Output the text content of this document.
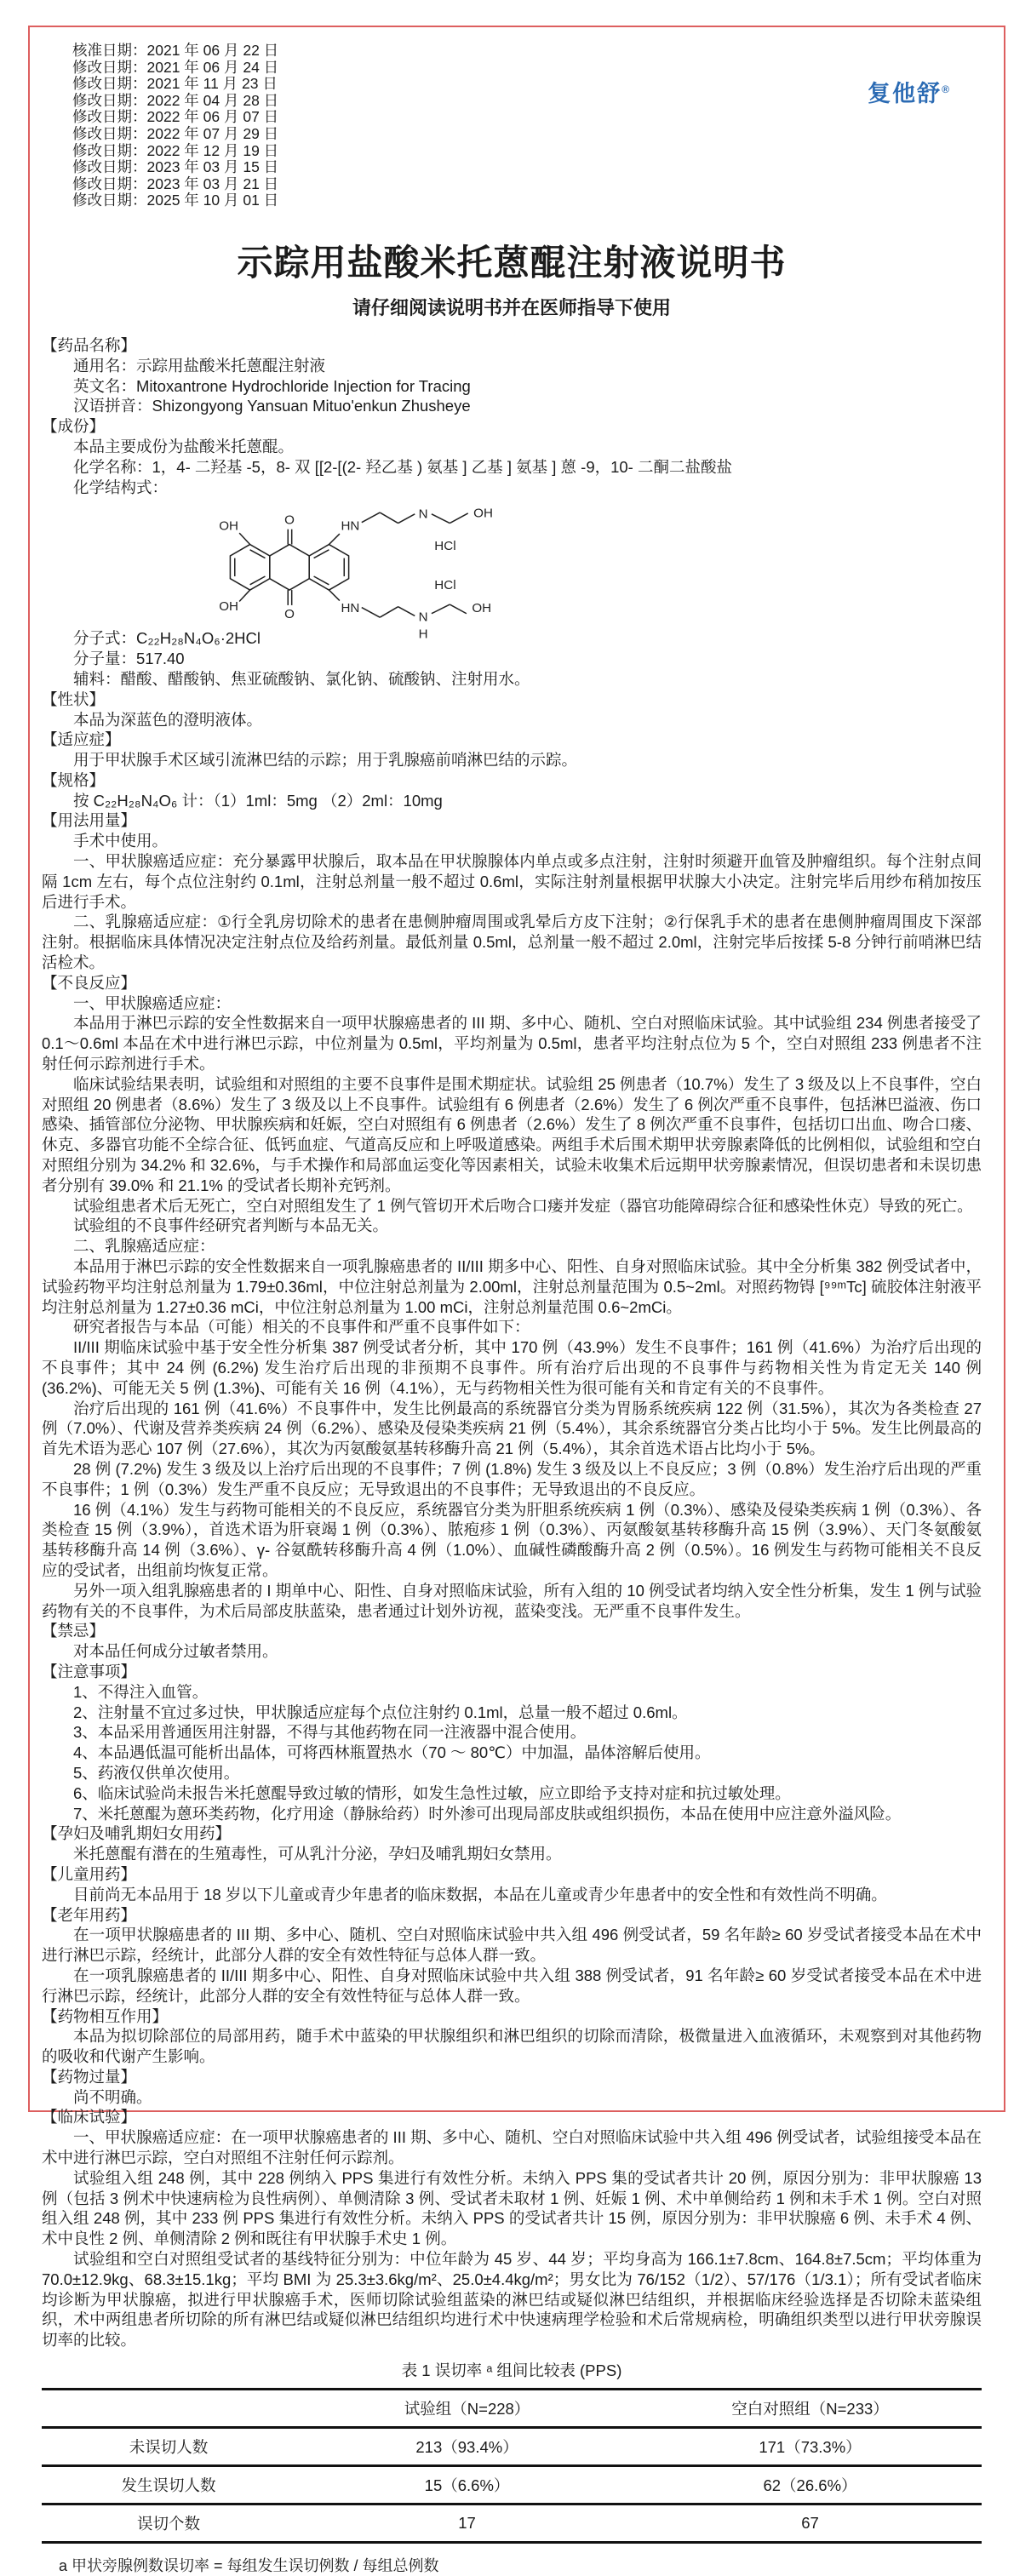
核准日期：2021 年 06 月 22 日
修改日期：2021 年 06 月 24 日
修改日期：2021 年 11 月 23 日
修改日期：2022 年 04 月 28 日
修改日期：2022 年 06 月 07 日
修改日期：2022 年 07 月 29 日
修改日期：2022 年 12 月 19 日
修改日期：2023 年 03 月 15 日
修改日期：2023 年 03 月 21 日
修改日期：2025 年 10 月 01 日
复他舒®
示踪用盐酸米托蒽醌注射液说明书
请仔细阅读说明书并在医师指导下使用
【药品名称】
通用名：示踪用盐酸米托蒽醌注射液
英文名：Mitoxantrone Hydrochloride Injection for Tracing
汉语拼音：Shizongyong Yansuan Mituo'enkun Zhusheye
【成份】
本品主要成份为盐酸米托蒽醌。
化学名称：1，4- 二羟基 -5，8- 双 [[2-[(2- 羟乙基 ) 氨基 ] 乙基 ] 氨基 ] 蒽 -9，10- 二酮二盐酸盐
化学结构式：
OH
OH
O
O
HN
HN
N
N
H
OH
OH
HCl
HCl
分子式：C₂₂H₂₈N₄O₆·2HCl
分子量：517.40
辅料：醋酸、醋酸钠、焦亚硫酸钠、氯化钠、硫酸钠、注射用水。
【性状】
本品为深蓝色的澄明液体。
【适应症】
用于甲状腺手术区域引流淋巴结的示踪；用于乳腺癌前哨淋巴结的示踪。
【规格】
按 C₂₂H₂₈N₄O₆ 计：（1）1ml：5mg （2）2ml：10mg
【用法用量】
手术中使用。
一、甲状腺癌适应症：充分暴露甲状腺后，取本品在甲状腺腺体内单点或多点注射，注射时须避开血管及肿瘤组织。每个注射点间隔 1cm 左右，每个点位注射约 0.1ml，注射总剂量一般不超过 0.6ml，实际注射剂量根据甲状腺大小决定。注射完毕后用纱布稍加按压后进行手术。
二、乳腺癌适应症：①行全乳房切除术的患者在患侧肿瘤周围或乳晕后方皮下注射；②行保乳手术的患者在患侧肿瘤周围皮下深部注射。根据临床具体情况决定注射点位及给药剂量。最低剂量 0.5ml，总剂量一般不超过 2.0ml，注射完毕后按揉 5-8 分钟行前哨淋巴结活检术。
【不良反应】
一、甲状腺癌适应症：
本品用于淋巴示踪的安全性数据来自一项甲状腺癌患者的 III 期、多中心、随机、空白对照临床试验。其中试验组 234 例患者接受了 0.1～0.6ml 本品在术中进行淋巴示踪，中位剂量为 0.5ml，平均剂量为 0.5ml，患者平均注射点位为 5 个，空白对照组 233 例患者不注射任何示踪剂进行手术。
临床试验结果表明，试验组和对照组的主要不良事件是围术期症状。试验组 25 例患者（10.7%）发生了 3 级及以上不良事件，空白对照组 20 例患者（8.6%）发生了 3 级及以上不良事件。试验组有 6 例患者（2.6%）发生了 6 例次严重不良事件，包括淋巴溢液、伤口感染、插管部位分泌物、甲状腺疾病和妊娠，空白对照组有 6 例患者（2.6%）发生了 8 例次严重不良事件，包括切口出血、吻合口瘘、休克、多器官功能不全综合征、低钙血症、气道高反应和上呼吸道感染。两组手术后围术期甲状旁腺素降低的比例相似，试验组和空白对照组分别为 34.2% 和 32.6%，与手术操作和局部血运变化等因素相关，试验未收集术后远期甲状旁腺素情况，但误切患者和未误切患者分别有 39.0% 和 21.1% 的受试者长期补充钙剂。
试验组患者术后无死亡，空白对照组发生了 1 例气管切开术后吻合口瘘并发症（器官功能障碍综合征和感染性休克）导致的死亡。
试验组的不良事件经研究者判断与本品无关。
二、乳腺癌适应症：
本品用于淋巴示踪的安全性数据来自一项乳腺癌患者的 II/III 期多中心、阳性、自身对照临床试验。其中全分析集 382 例受试者中，试验药物平均注射总剂量为 1.79±0.36ml，中位注射总剂量为 2.00ml，注射总剂量范围为 0.5~2ml。对照药物锝 [⁹⁹ᵐTc] 硫胶体注射液平均注射总剂量为 1.27±0.36 mCi，中位注射总剂量为 1.00 mCi，注射总剂量范围 0.6~2mCi。
研究者报告与本品（可能）相关的不良事件和严重不良事件如下：
II/III 期临床试验中基于安全性分析集 387 例受试者分析，其中 170 例（43.9%）发生不良事件；161 例（41.6%）为治疗后出现的不良事件；其中 24 例 (6.2%) 发生治疗后出现的非预期不良事件。所有治疗后出现的不良事件与药物相关性为肯定无关 140 例 (36.2%)、可能无关 5 例 (1.3%)、可能有关 16 例（4.1%），无与药物相关性为很可能有关和肯定有关的不良事件。
治疗后出现的 161 例（41.6%）不良事件中，发生比例最高的系统器官分类为胃肠系统疾病 122 例（31.5%），其次为各类检查 27 例（7.0%）、代谢及营养类疾病 24 例（6.2%）、感染及侵染类疾病 21 例（5.4%），其余系统器官分类占比均小于 5%。发生比例最高的首先术语为恶心 107 例（27.6%），其次为丙氨酸氨基转移酶升高 21 例（5.4%），其余首选术语占比均小于 5%。
28 例 (7.2%) 发生 3 级及以上治疗后出现的不良事件；7 例 (1.8%) 发生 3 级及以上不良反应；3 例（0.8%）发生治疗后出现的严重不良事件；1 例（0.3%）发生严重不良反应；无导致退出的不良事件；无导致退出的不良反应。
16 例（4.1%）发生与药物可能相关的不良反应，系统器官分类为肝胆系统疾病 1 例（0.3%）、感染及侵染类疾病 1 例（0.3%）、各类检查 15 例（3.9%），首选术语为肝衰竭 1 例（0.3%）、脓疱疹 1 例（0.3%）、丙氨酸氨基转移酶升高 15 例（3.9%）、天门冬氨酸氨基转移酶升高 14 例（3.6%）、γ- 谷氨酰转移酶升高 4 例（1.0%）、血碱性磷酸酶升高 2 例（0.5%）。16 例发生与药物可能相关不良反应的受试者，出组前均恢复正常。
另外一项入组乳腺癌患者的 I 期单中心、阳性、自身对照临床试验，所有入组的 10 例受试者均纳入安全性分析集，发生 1 例与试验药物有关的不良事件，为术后局部皮肤蓝染，患者通过计划外访视，蓝染变浅。无严重不良事件发生。
【禁忌】
对本品任何成分过敏者禁用。
【注意事项】
1、不得注入血管。
2、注射量不宜过多过快，甲状腺适应症每个点位注射约 0.1ml，总量一般不超过 0.6ml。
3、本品采用普通医用注射器，不得与其他药物在同一注液器中混合使用。
4、本品遇低温可能析出晶体，可将西林瓶置热水（70 ～ 80℃）中加温，晶体溶解后使用。
5、药液仅供单次使用。
6、临床试验尚未报告米托蒽醌导致过敏的情形，如发生急性过敏，应立即给予支持对症和抗过敏处理。
7、米托蒽醌为蒽环类药物，化疗用途（静脉给药）时外渗可出现局部皮肤或组织损伤，本品在使用中应注意外溢风险。
【孕妇及哺乳期妇女用药】
米托蒽醌有潜在的生殖毒性，可从乳汁分泌，孕妇及哺乳期妇女禁用。
【儿童用药】
目前尚无本品用于 18 岁以下儿童或青少年患者的临床数据，本品在儿童或青少年患者中的安全性和有效性尚不明确。
【老年用药】
在一项甲状腺癌患者的 III 期、多中心、随机、空白对照临床试验中共入组 496 例受试者，59 名年龄≥ 60 岁受试者接受本品在术中进行淋巴示踪，经统计，此部分人群的安全有效性特征与总体人群一致。
在一项乳腺癌患者的 II/III 期多中心、阳性、自身对照临床试验中共入组 388 例受试者，91 名年龄≥ 60 岁受试者接受本品在术中进行淋巴示踪，经统计，此部分人群的安全有效性特征与总体人群一致。
【药物相互作用】
本品为拟切除部位的局部用药，随手术中蓝染的甲状腺组织和淋巴组织的切除而清除，极微量进入血液循环，未观察到对其他药物的吸收和代谢产生影响。
【药物过量】
尚不明确。
【临床试验】
一、甲状腺癌适应症：在一项甲状腺癌患者的 III 期、多中心、随机、空白对照临床试验中共入组 496 例受试者，试验组接受本品在术中进行淋巴示踪，空白对照组不注射任何示踪剂。
试验组入组 248 例，其中 228 例纳入 PPS 集进行有效性分析。未纳入 PPS 集的受试者共计 20 例，原因分别为：非甲状腺癌 13 例（包括 3 例术中快速病检为良性病例）、单侧清除 3 例、受试者未取材 1 例、妊娠 1 例、术中单侧给药 1 例和未手术 1 例。空白对照组入组 248 例，其中 233 例 PPS 集进行有效性分析。未纳入 PPS 的受试者共计 15 例，原因分别为：非甲状腺癌 6 例、未手术 4 例、术中良性 2 例、单侧清除 2 例和既往有甲状腺手术史 1 例。
试验组和空白对照组受试者的基线特征分别为：中位年龄为 45 岁、44 岁；平均身高为 166.1±7.8cm、164.8±7.5cm；平均体重为 70.0±12.9kg、68.3±15.1kg；平均 BMI 为 25.3±3.6kg/m²、25.0±4.4kg/m²；男女比为 76/152（1/2）、57/176（1/3.1）；所有受试者临床均诊断为甲状腺癌，拟进行甲状腺癌手术，医师切除试验组蓝染的淋巴结或疑似淋巴结组织，并根据临床经验选择是否切除未蓝染组织，术中两组患者所切除的所有淋巴结或疑似淋巴结组织均进行术中快速病理学检验和术后常规病检，明确组织类型以进行甲状旁腺误切率的比较。
表 1 误切率 ᵃ 组间比较表 (PPS)
	试验组（N=228）	空白对照组（N=233）
未误切人数	213（93.4%）	171（73.3%）
发生误切人数	15（6.6%）	62（26.6%）
误切个数	17	67
a 甲状旁腺例数误切率 = 每组发生误切例数 / 每组总例数
